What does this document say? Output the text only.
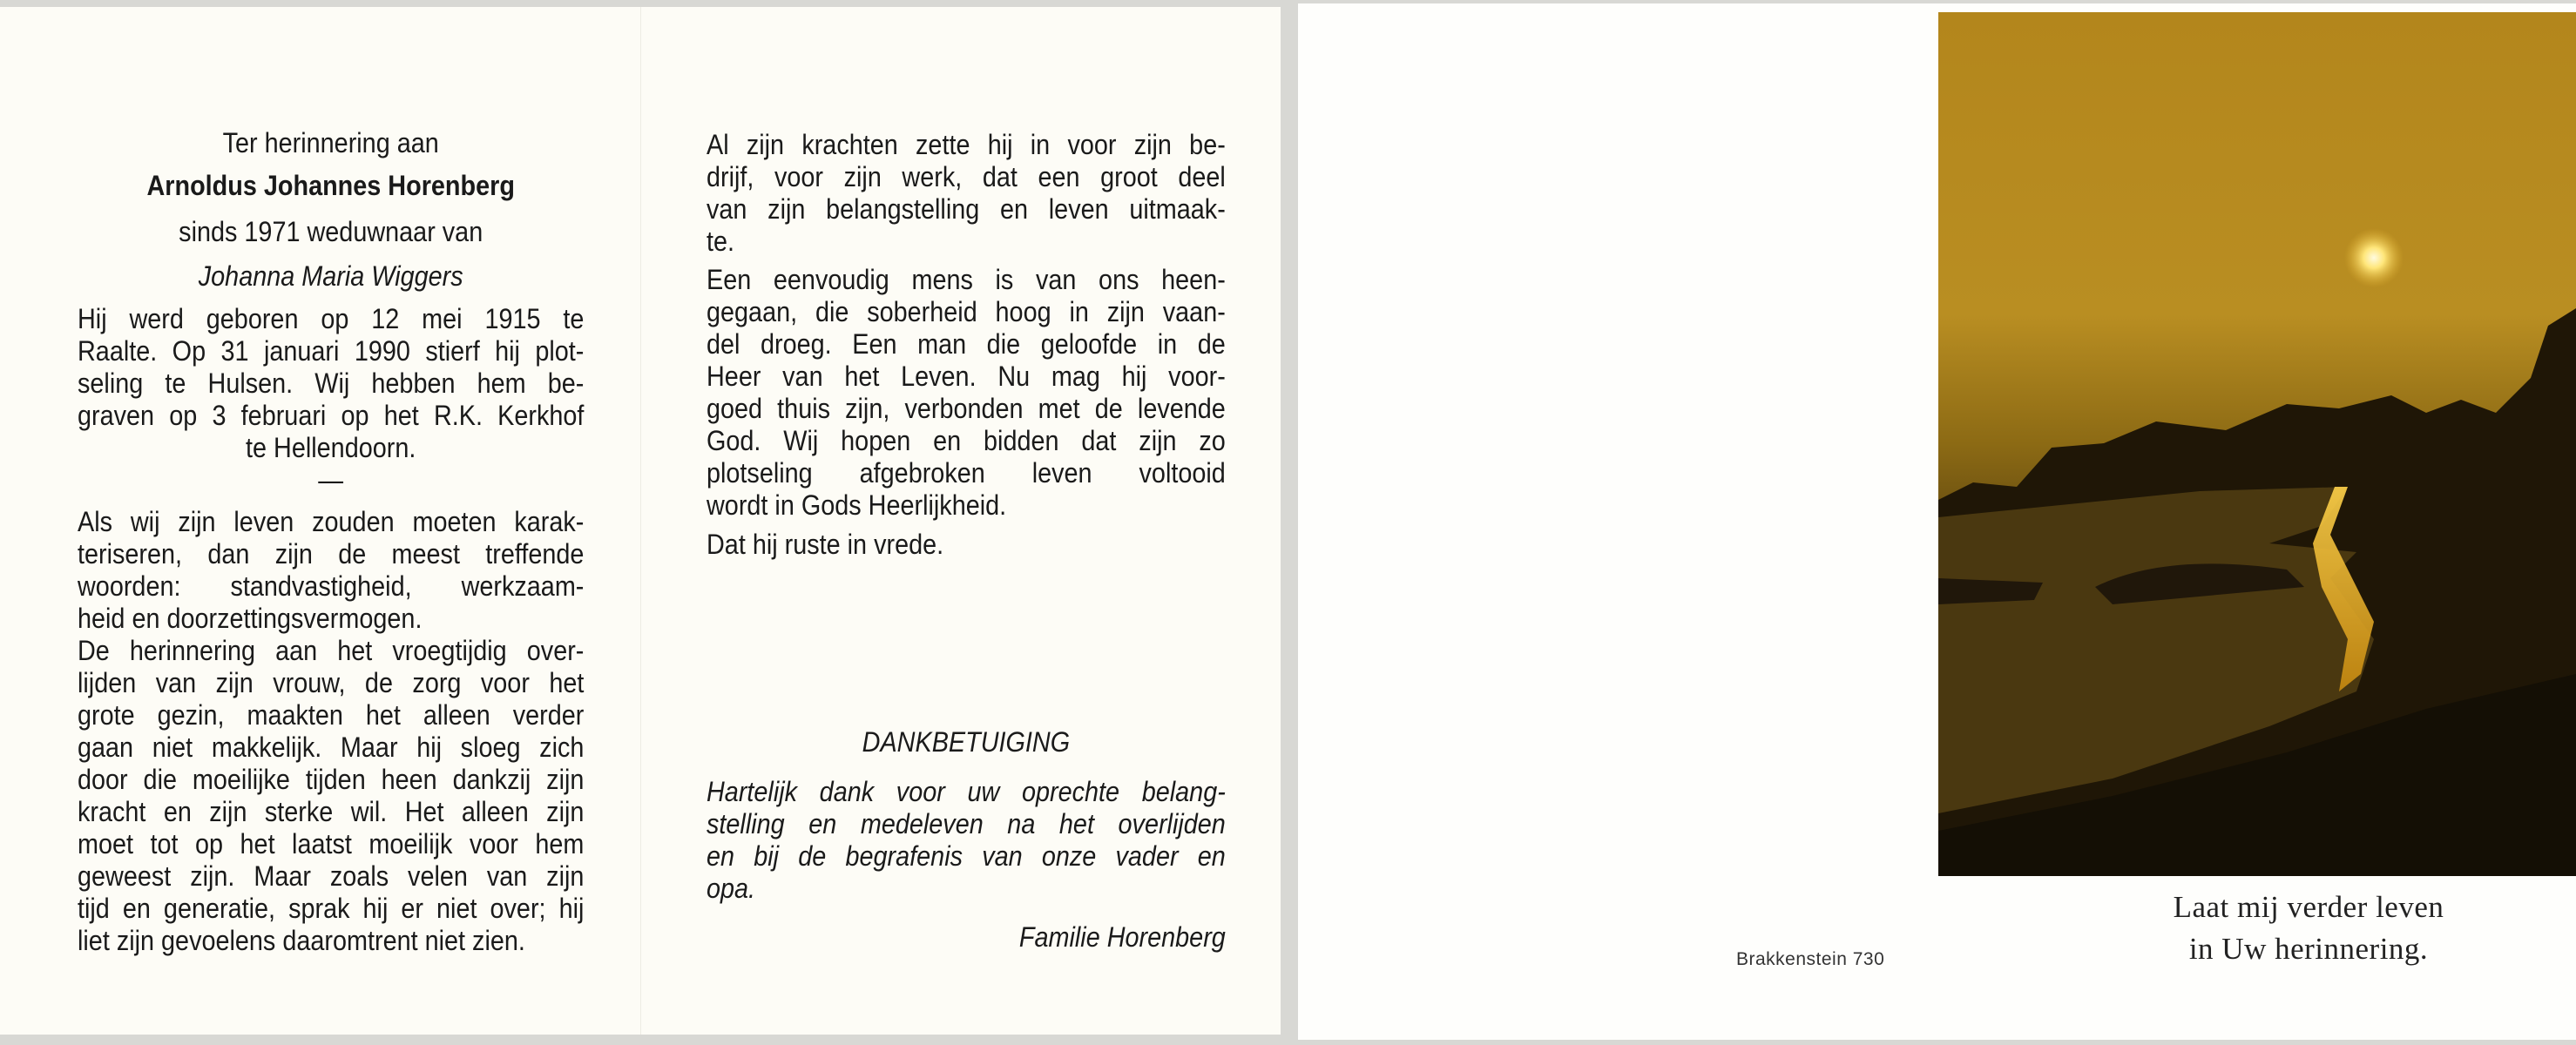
Ter herinnering aan
Arnoldus Johannes Horenberg
sinds 1971 weduwnaar van
Johanna Maria Wiggers
Hij werd geboren op 12 mei 1915 te
Raalte. Op 31 januari 1990 stierf hij plot-
seling te Hulsen. Wij hebben hem be-
graven op 3 februari op het R.K. Kerkhof
te Hellendoorn.
—
Als wij zijn leven zouden moeten karak-
teriseren, dan zijn de meest treffende
woorden: standvastigheid, werkzaam-
heid en doorzettingsvermogen.
De herinnering aan het vroegtijdig over-
lijden van zijn vrouw, de zorg voor het
grote gezin, maakten het alleen verder
gaan niet makkelijk. Maar hij sloeg zich
door die moeilijke tijden heen dankzij zijn
kracht en zijn sterke wil. Het alleen zijn
moet tot op het laatst moeilijk voor hem
geweest zijn. Maar zoals velen van zijn
tijd en generatie, sprak hij er niet over; hij
liet zijn gevoelens daaromtrent niet zien.
Al zijn krachten zette hij in voor zijn be-
drijf, voor zijn werk, dat een groot deel
van zijn belangstelling en leven uitmaak-
te.
Een eenvoudig mens is van ons heen-
gegaan, die soberheid hoog in zijn vaan-
del droeg. Een man die geloofde in de
Heer van het Leven. Nu mag hij voor-
goed thuis zijn, verbonden met de levende
God. Wij hopen en bidden dat zijn zo
plotseling afgebroken leven voltooid
wordt in Gods Heerlijkheid.
Dat hij ruste in vrede.
DANKBETUIGING
Hartelijk dank voor uw oprechte belang-
stelling en medeleven na het overlijden
en bij de begrafenis van onze vader en
opa.
Familie Horenberg
Laat mij verder leven
in Uw herinnering.
Brakkenstein 730
